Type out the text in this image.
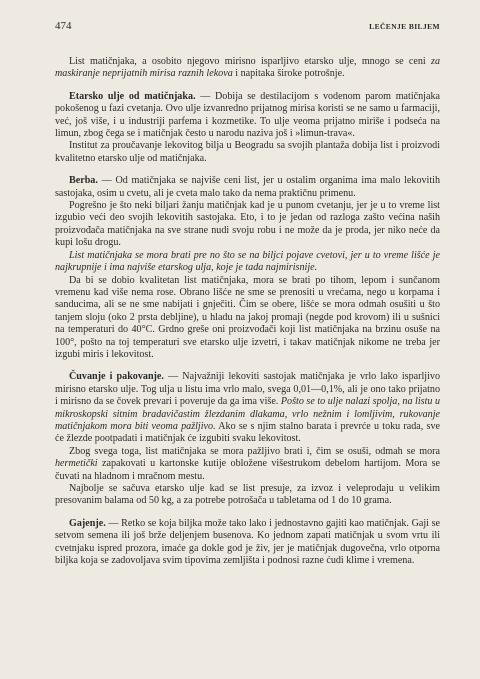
474	LEČENJE BILJEM

List matičnjaka, a osobito njegovo mirisno isparljivo etarsko ulje, mnogo se ceni za maskiranje neprijatnih mirisa raznih lekova i napitaka široke potrošnje.

Etarsko ulje od matičnjaka. — Dobija se destilacijom s vodenom parom matičnjaka pokošenog u fazi cvetanja. Ovo ulje izvanredno prijatnog mirisa koristi se ne samo u farmaciji, već, još više, i u industriji parfema i kozmetike. To ulje veoma prijatno miriše i podseća na limun, zbog čega se i matičnjak često u narodu naziva još i »limun-trava«.

Institut za proučavanje lekovitog bilja u Beogradu sa svojih plantaža dobija list i proizvodi kvalitetno etarsko ulje od matičnjaka.

Berba. — Od matičnjaka se najviše ceni list, jer u ostalim organima ima malo lekovitih sastojaka, osim u cvetu, ali je cveta malo tako da nema praktičnu primenu.

Pogrešno je što neki biljari žanju matičnjak kad je u punom cvetanju, jer je u to vreme list izgubio veći deo svojih lekovitih sastojaka. Eto, i to je jedan od razloga zašto većina naših proizvođača matičnjaka na sve strane nudi svoju robu i ne može da je proda, jer niko neće da kupi lošu drogu.

List matičnjaka se mora brati pre no što se na biljci pojave cvetovi, jer u to vreme lišće je najkrupnije i ima najviše etarskog ulja, koje je tada najmirisnije.

Da bi se dobio kvalitetan list matičnjaka, mora se brati po tihom, lepom i sunčanom vremenu kad više nema rose. Obrano lišće ne sme se prenositi u vrećama, nego u korpama i sanducima, ali se ne sme nabijati i gnječiti. Čim se obere, lišće se mora odmah osušiti u što tanjem sloju (oko 2 prsta debljine), u hladu na jakoj promaji (negde pod krovom) ili u sušnici na temperaturi do 40°C. Grdno greše oni proizvođači koji list matičnjaka na brzinu osuše na 100°, pošto na toj temperaturi sve etarsko ulje izvetri, i takav matičnjak nikome ne treba jer izgubi miris i lekovitost.

Čuvanje i pakovanje. — Najvažniji lekoviti sastojak matičnjaka je vrlo lako isparljivo mirisno etarsko ulje. Tog ulja u listu ima vrlo malo, svega 0,01—0,1%, ali je ono tako prijatno i mirisno da se čovek prevari i poveruje da ga ima više. Pošto se to ulje nalazi spolja, na listu u mikroskopski sitnim bradavičastim žlezdanim dlakama, vrlo nežnim i lomljivim, rukovanje matičnjakom mora biti veoma pažljivo. Ako se s njim stalno barata i prevrće u toku rada, sve će žlezde pootpadati i matičnjak će izgubiti svaku lekovitost.

Zbog svega toga, list matičnjaka se mora pažljivo brati i, čim se osuši, odmah se mora hermetički zapakovati u kartonske kutije obložene višestrukom debelom hartijom. Mora se čuvati na hladnom i mračnom mestu.

Najbolje se sačuva etarsko ulje kad se list presuje, za izvoz i veleprodaju u velikim presovanim balama od 50 kg, a za potrebe potrošača u tabletama od 1 do 10 grama.

Gajenje. — Retko se koja biljka može tako lako i jednostavno gajiti kao matičnjak. Gaji se setvom semena ili još brže deljenjem busenova. Ko jednom zapati matičnjak u svom vrtu ili cvetnjaku ispred prozora, imaće ga dokle god je živ, jer je matičnjak dugovečna, vrlo otporna biljka koja se zadovoljava svim tipovima zemljišta i podnosi razne ćudi klime i vremena.
